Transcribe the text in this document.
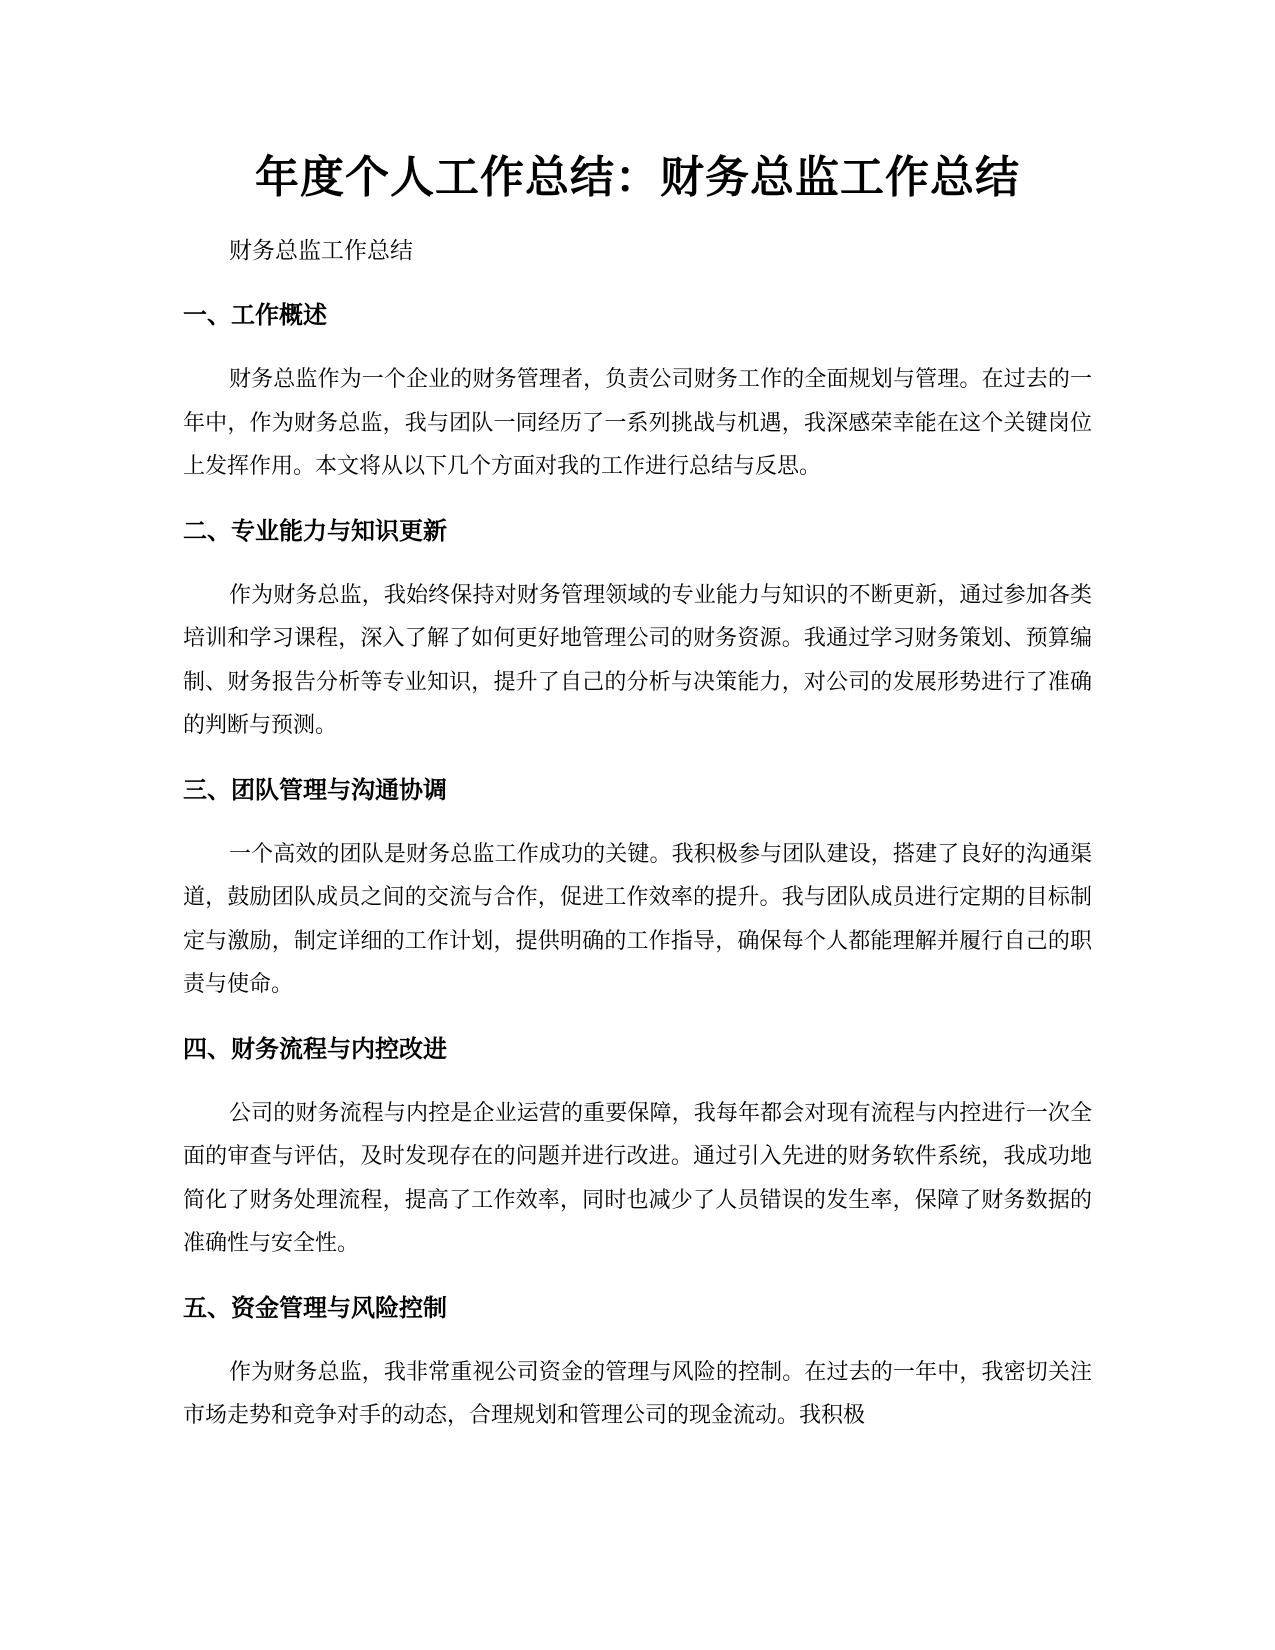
年度个人工作总结：财务总监工作总结

财务总监工作总结

一、工作概述

财务总监作为一个企业的财务管理者，负责公司财务工作的全面规划与管理。在过去的一年中，作为财务总监，我与团队一同经历了一系列挑战与机遇，我深感荣幸能在这个关键岗位上发挥作用。本文将从以下几个方面对我的工作进行总结与反思。

二、专业能力与知识更新

作为财务总监，我始终保持对财务管理领域的专业能力与知识的不断更新，通过参加各类培训和学习课程，深入了解了如何更好地管理公司的财务资源。我通过学习财务策划、预算编制、财务报告分析等专业知识，提升了自己的分析与决策能力，对公司的发展形势进行了准确的判断与预测。

三、团队管理与沟通协调

一个高效的团队是财务总监工作成功的关键。我积极参与团队建设，搭建了良好的沟通渠道，鼓励团队成员之间的交流与合作，促进工作效率的提升。我与团队成员进行定期的目标制定与激励，制定详细的工作计划，提供明确的工作指导，确保每个人都能理解并履行自己的职责与使命。

四、财务流程与内控改进

公司的财务流程与内控是企业运营的重要保障，我每年都会对现有流程与内控进行一次全面的审查与评估，及时发现存在的问题并进行改进。通过引入先进的财务软件系统，我成功地简化了财务处理流程，提高了工作效率，同时也减少了人员错误的发生率，保障了财务数据的准确性与安全性。

五、资金管理与风险控制

作为财务总监，我非常重视公司资金的管理与风险的控制。在过去的一年中，我密切关注市场走势和竞争对手的动态，合理规划和管理公司的现金流动。我积极
